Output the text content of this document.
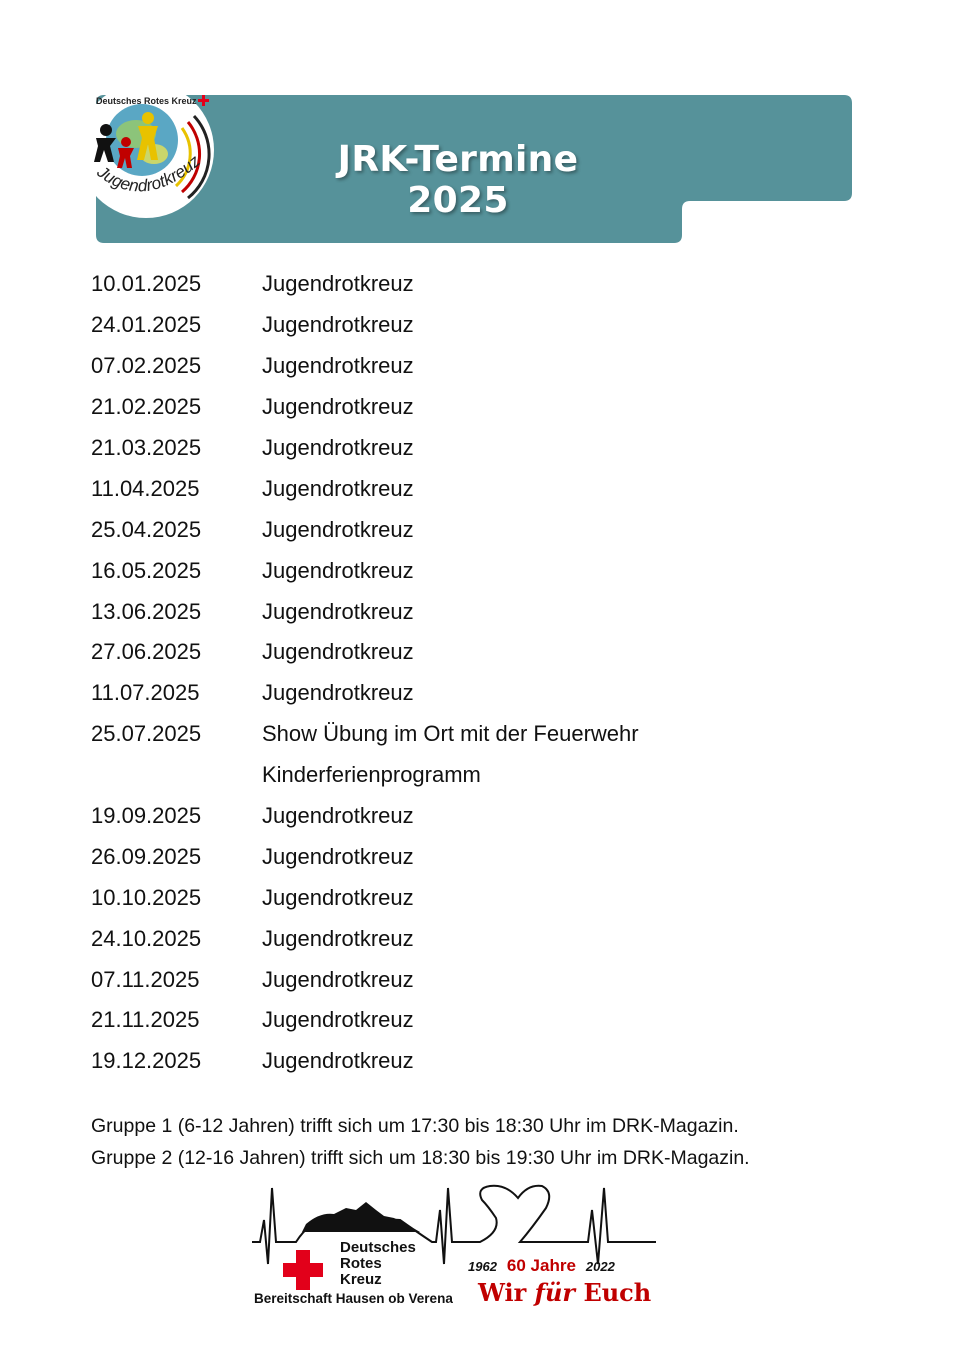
JRK-Termine 2025
Deutsches Rotes Kreuz
Jugendrotkreuz
10.01.2025	Jugendrotkreuz
24.01.2025	Jugendrotkreuz
07.02.2025	Jugendrotkreuz
21.02.2025	Jugendrotkreuz
21.03.2025	Jugendrotkreuz
11.04.2025	Jugendrotkreuz
25.04.2025	Jugendrotkreuz
16.05.2025	Jugendrotkreuz
13.06.2025	Jugendrotkreuz
27.06.2025	Jugendrotkreuz
11.07.2025	Jugendrotkreuz
25.07.2025	Show Übung im Ort mit der Feuerwehr
Kinderferienprogramm
19.09.2025	Jugendrotkreuz
26.09.2025	Jugendrotkreuz
10.10.2025	Jugendrotkreuz
24.10.2025	Jugendrotkreuz
07.11.2025	Jugendrotkreuz
21.11.2025	Jugendrotkreuz
19.12.2025	Jugendrotkreuz
Gruppe 1 (6-12 Jahren) trifft sich um 17:30 bis 18:30 Uhr im DRK-Magazin.
Gruppe 2 (12-16 Jahren) trifft sich um 18:30 bis 19:30 Uhr im DRK-Magazin.
Deutsches
Rotes
Kreuz
Bereitschaft Hausen ob Verena
1962 60 Jahre 2022
Wir für Euch
